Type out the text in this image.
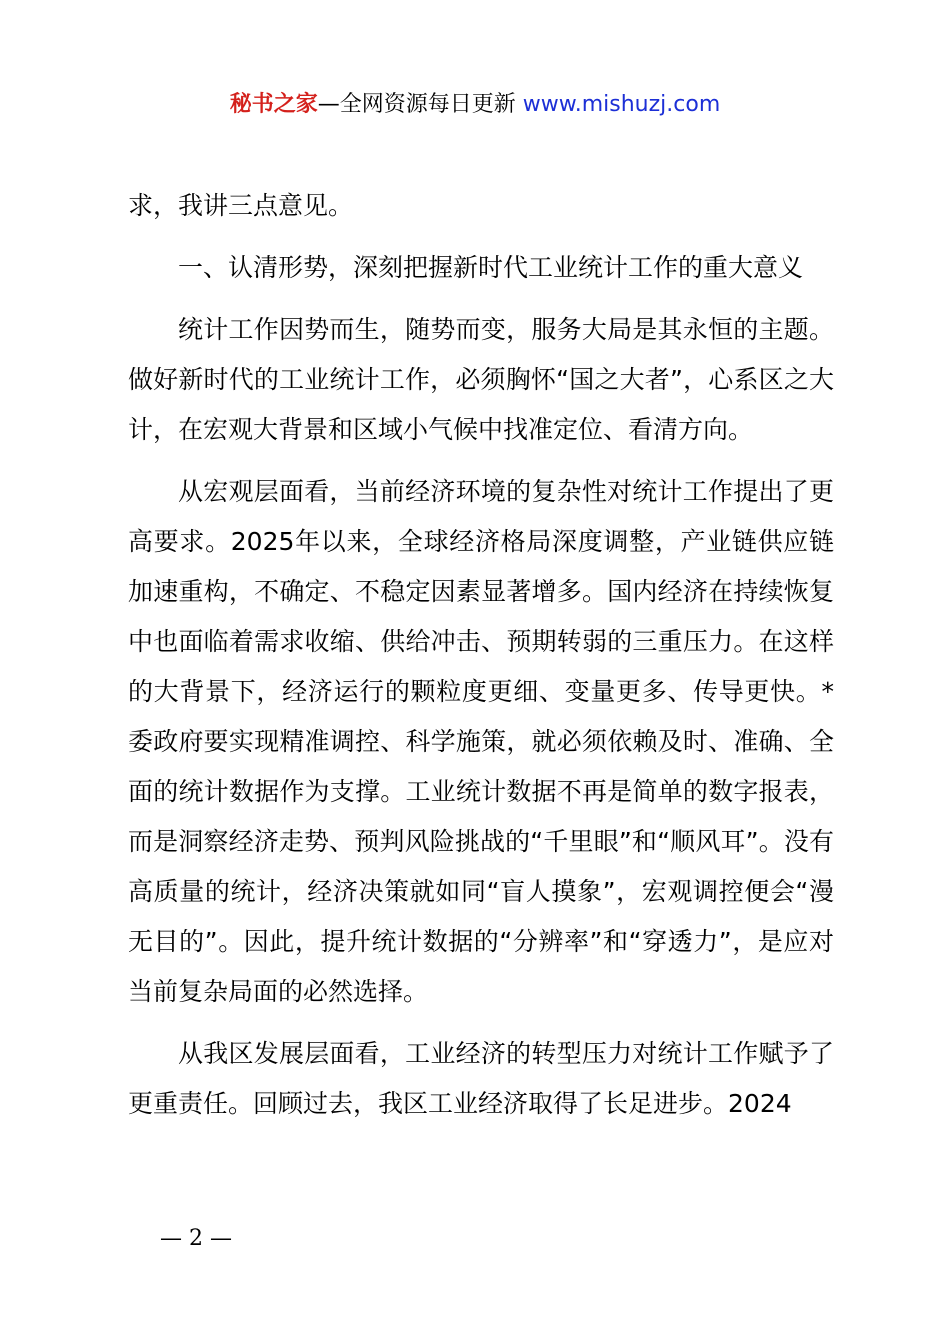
秘书之家—全网资源每日更新 www.mishuzj.com

求，我讲三点意见。

一、认清形势，深刻把握新时代工业统计工作的重大意义

统计工作因势而生，随势而变，服务大局是其永恒的主题。做好新时代的工业统计工作，必须胸怀“国之大者”，心系区之大计，在宏观大背景和区域小气候中找准定位、看清方向。

从宏观层面看，当前经济环境的复杂性对统计工作提出了更高要求。2025年以来，全球经济格局深度调整，产业链供应链加速重构，不确定、不稳定因素显著增多。国内经济在持续恢复中也面临着需求收缩、供给冲击、预期转弱的三重压力。在这样的大背景下，经济运行的颗粒度更细、变量更多、传导更快。*委政府要实现精准调控、科学施策，就必须依赖及时、准确、全面的统计数据作为支撑。工业统计数据不再是简单的数字报表，而是洞察经济走势、预判风险挑战的“千里眼”和“顺风耳”。没有高质量的统计，经济决策就如同“盲人摸象”，宏观调控便会“漫无目的”。因此，提升统计数据的“分辨率”和“穿透力”，是应对当前复杂局面的必然选择。

从我区发展层面看，工业经济的转型压力对统计工作赋予了更重责任。回顾过去，我区工业经济取得了长足进步。2024

— 2 —
